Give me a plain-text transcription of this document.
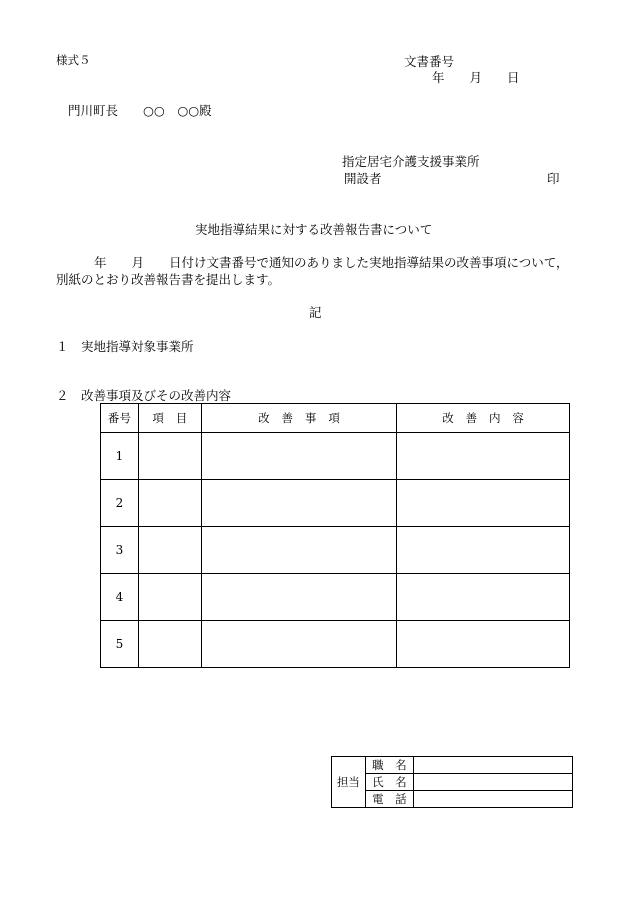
様式５	文書番号
年　　月　　日
門川町長　　○○　○○殿
指定居宅介護支援事業所
開設者	印
実地指導結果に対する改善報告書について
年　　月　　日付け文書番号で通知のありました実地指導結果の改善事項について，
別紙のとおり改善報告書を提出します。
記
１　実地指導対象事業所
２　改善事項及びその改善内容
番号	項　目	改　善　事　項	改　善　内　容
1			
2			
3			
4			
5			
担当	職　名	
	氏　名	
	電　話	
